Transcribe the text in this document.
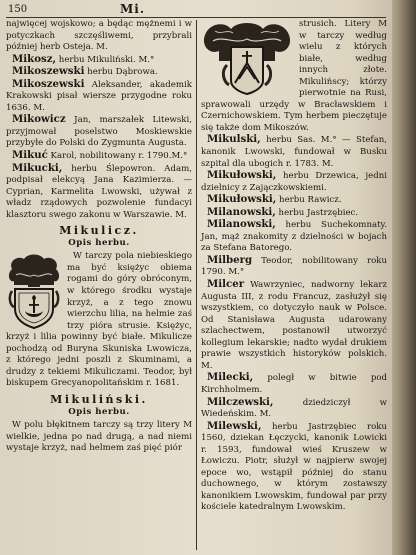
150	Mi.

najwięcej wojskowo; a będąc mężnemi i w potyczkach szczęśliwemi, przybrali później herb Osteja. M.

Mikosz, herbu Mikuliński. M.°

Mikoszewski herbu Dąbrowa.

Mikoszewski Aleksander, akademik Krakowski pisał wiersze przygodne roku 1636. M.

Mikowicz Jan, marszałek Litewski, przyjmował poselstwo Moskiewskie przybyłe do Polski do Zygmunta Augusta.

Mikuć Karol, nobilitowany r. 1790.M.°

Mikucki, herbu Ślepowron. Adam, podpisał elekcyą Jana Kazimierza. — Cyprian, Karmelita Lwowski, używał z władz rządowych pozwolenie fundacyi klasztoru swego zakonu w Warszawie. M.

Mikulicz.
Opis herbu.

W tarczy pola niebieskiego ma być księżyc obiema rogami do góry obróconym, w którego środku wystaje krzyż, a z tego znowu wierzchu lilia, na helmie zaś trzy pióra strusie. Księżyc, krzyż i lilia powinny być białe. Mikulicze pochodzą od Buryna Skuniska Lwowicza, z którego jedni poszli z Skuminami, a drudzy z tekiemi Mikuliczami. Teodor, był biskupem Grecyanopolitańskim r. 1681.

Mikuliński.
Opis herbu.

W polu błękitnem tarczy są trzy litery M wielkie, jedna po nad drugą, a nad niemi wystaje krzyż, nad helmem zaś pięć piór

strusich. Litery M w tarczy według wielu z których białe, według innych złote. Mikulińscy; którzy pierwotnie na Rusi, sprawowali urzędy w Bracławskiem i Czernichowskiem. Tym herbem pieczętuje się także dom Mikoszów.

Mikulski, herbu Sas. M.° — Stefan, kanonik Lwowski, fundował w Busku szpital dla ubogich r. 1783. M.

Mikułowski, herbu Drzewica, jedni dzielnicy z Zajączkowskiemi.

Mikułowski, herbu Rawicz.

Milanowski, herbu Jastrzębiec.

Milanowski, herbu Suchekomnaty. Jan, mąż znakomity z dzielności w bojach za Stefana Batorego.

Milberg Teodor, nobilitowany roku 1790. M.°

Milcer Wawrzyniec, nadworny lekarz Augusta III, z rodu Francuz, zasłużył się wszystkiem, co dotyczyło nauk w Polsce. Od Stanisława Augusta udarowany szlachectwem, postanowił utworzyć kollegium lekarskie; nadto wydał drukiem prawie wszystkich historyków polskich. M.

Milecki, poległ w bitwie pod Kirchholmem.

Milczewski, dziedziczył w Wiedeńskim. M.

Milewski, herbu Jastrzębiec roku 1560, dziekan Łęczycki, kanonik Lowicki r. 1593, fundował wieś Kruszew w Łowiczu. Piotr, służył w najpierw swojej epoce wo, wstąpił później do stanu duchownego, w którym zostawszy kanonikiem Lwowskim, fundował par przy kościele katedralnym Lwowskim.
